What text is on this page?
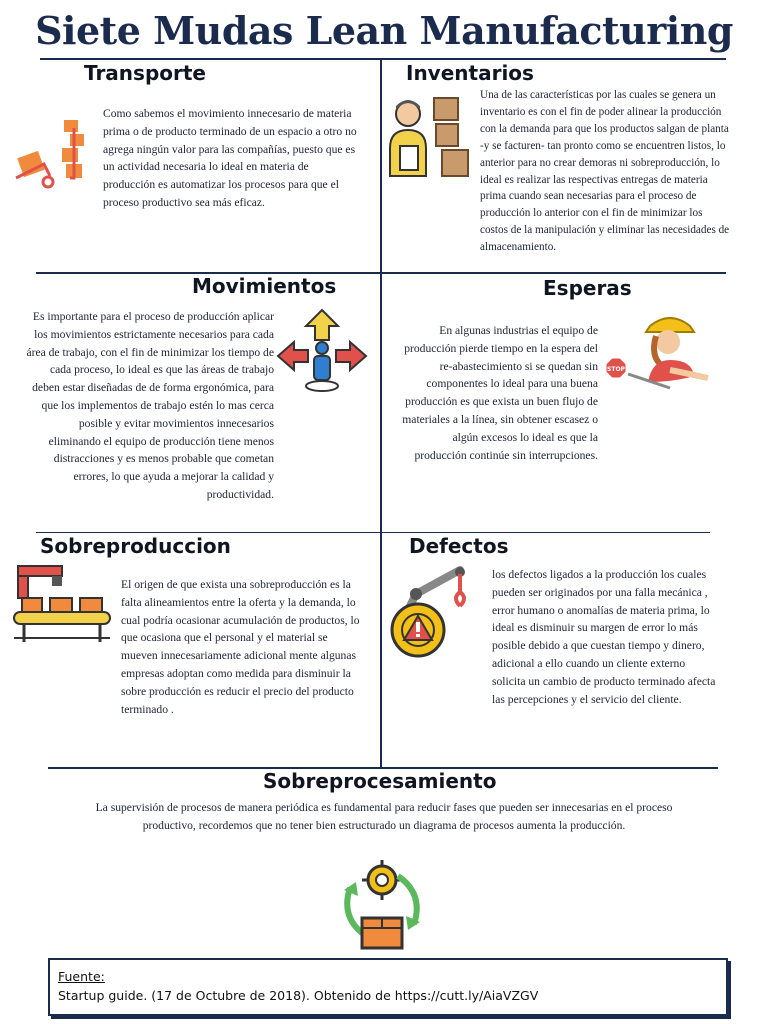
Siete Mudas Lean Manufacturing
Transporte

Como sabemos el movimiento innecesario de materia prima o de producto terminado de un espacio a otro no agrega ningún valor para las compañías, puesto que es un actividad necesaria lo ideal en materia de producción es automatizar los procesos para que el proceso productivo sea más eficaz.

Inventarios

Una de las características por las cuales se genera un inventario es con el fin de poder alinear la producción con la demanda para que los productos salgan de planta -y se facturen- tan pronto como se encuentren listos, lo anterior para no crear demoras ni sobreproducción, lo ideal es realizar las respectivas entregas de materia prima cuando sean necesarias para el proceso de producción lo anterior con el fin de minimizar los costos de la manipulación y eliminar las necesidades de almacenamiento.

Movimientos

Es importante para el proceso de producción aplicar los movimientos estrictamente necesarios para cada área de trabajo, con el fin de minimizar los tiempo de cada proceso, lo ideal es que las áreas de trabajo deben estar diseñadas de de forma ergonómica, para que los implementos de trabajo estén lo mas cerca posible y evitar movimientos innecesarios eliminando el equipo de producción tiene menos distracciones y es menos probable que cometan errores, lo que ayuda a mejorar la calidad y productividad.

Esperas
STOP

En algunas industrias el equipo de producción pierde tiempo en la espera del re-abastecimiento si se quedan sin componentes lo ideal para una buena producción es que exista un buen flujo de materiales a la línea, sin obtener escasez o algún excesos lo ideal es que la producción continúe sin interrupciones.

Sobreproduccion

El origen de que exista una sobreproducción es la falta alineamientos entre la oferta y la demanda, lo cual podría ocasionar acumulación de productos, lo que ocasiona que el personal y el material se mueven innecesariamente adicional mente algunas empresas adoptan como medida para disminuir la sobre producción es reducir el precio del producto terminado .

Defectos

los defectos ligados a la producción los cuales pueden ser originados por una falla mecánica , error humano o anomalías de materia prima, lo ideal es disminuir su margen de error lo más posible debido a que cuestan tiempo y dinero, adicional a ello cuando un cliente externo solicita un cambio de producto terminado afecta las percepciones y el servicio del cliente.

Sobreprocesamiento

La supervisión de procesos de manera periódica es fundamental para reducir fases que pueden ser innecesarias en el proceso productivo, recordemos que no tener bien estructurado un diagrama de procesos aumenta la producción.

Fuente:

Startup guide. (17 de Octubre de 2018). Obtenido de https://cutt.ly/AiaVZGV
